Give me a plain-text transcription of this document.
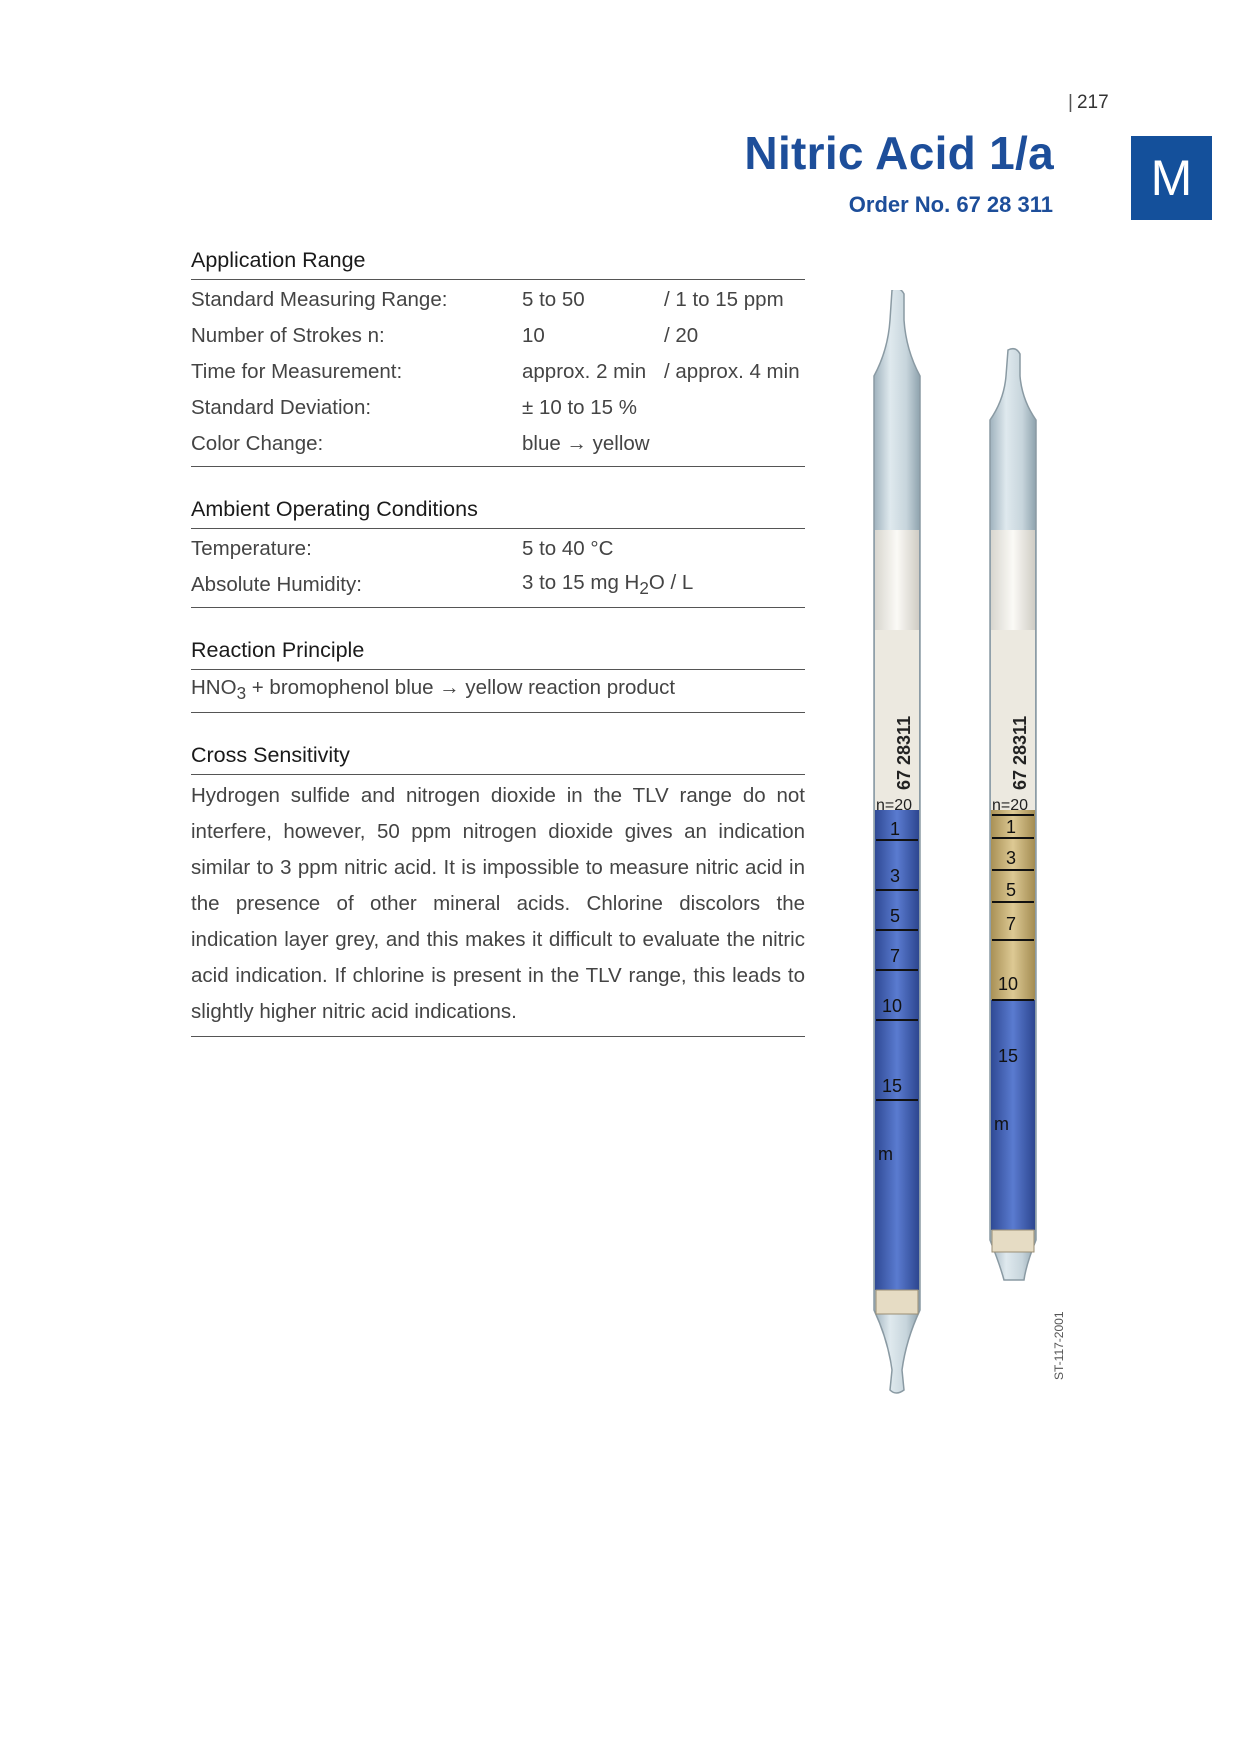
| 217
Nitric Acid 1/a
Order No. 67 28 311	M
Application Range
Standard Measuring Range:	5 to 50	/ 1 to 15 ppm
Number of Strokes n:	10	/ 20
Time for Measurement:	approx. 2 min / approx. 4 min
Standard Deviation:	± 10 to 15 %
Color Change:	blue → yellow
Ambient Operating Conditions
Temperature:	5 to 40 °C
Absolute Humidity:	3 to 15 mg $H_2O$ / L
Reaction Principle
$HNO_3$ + bromophenol blue → yellow reaction product
Cross Sensitivity
Hydrogen sulfide and nitrogen dioxide in the TLV range do not interfere, however, 50 ppm nitrogen dioxide gives an indication similar to 3 ppm nitric acid. It is impossible to measure nitric acid in the presence of other mineral acids. Chlorine discolors the indication layer grey, and this makes it difficult to evaluate the nitric acid indication. If chlorine is present in the TLV range, this leads to slightly higher nitric acid indications.
67 28311
n=20
1
3
5
7
10
15
m
67 28311
n=20
1
3
5
7
10
15
m
ST-117-2001
